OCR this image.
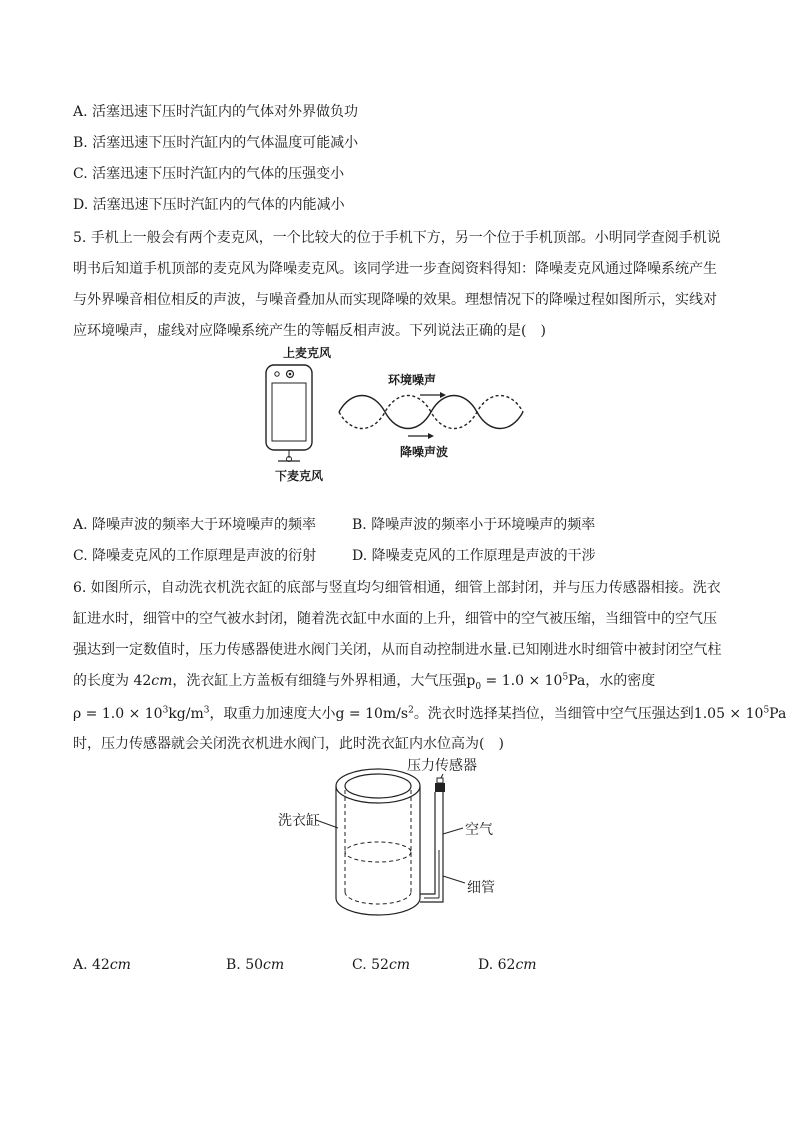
A. 活塞迅速下压时汽缸内的气体对外界做负功
B. 活塞迅速下压时汽缸内的气体温度可能减小
C. 活塞迅速下压时汽缸内的气体的压强变小
D. 活塞迅速下压时汽缸内的气体的内能减小
5. 手机上一般会有两个麦克风，一个比较大的位于手机下方，另一个位于手机顶部。小明同学查阅手机说
明书后知道手机顶部的麦克风为降噪麦克风。该同学进一步查阅资料得知：降噪麦克风通过降噪系统产生
与外界噪音相位相反的声波，与噪音叠加从而实现降噪的效果。理想情况下的降噪过程如图所示，实线对
应环境噪声，虚线对应降噪系统产生的等幅反相声波。下列说法正确的是(　)
上麦克风
下麦克风
环境噪声
降噪声波
A. 降噪声波的频率大于环境噪声的频率	B. 降噪声波的频率小于环境噪声的频率
C. 降噪麦克风的工作原理是声波的衍射	D. 降噪麦克风的工作原理是声波的干涉
6. 如图所示，自动洗衣机洗衣缸的底部与竖直均匀细管相通，细管上部封闭，并与压力传感器相接。洗衣
缸进水时，细管中的空气被水封闭，随着洗衣缸中水面的上升，细管中的空气被压缩，当细管中的空气压
强达到一定数值时，压力传感器使进水阀门关闭，从而自动控制进水量.已知刚进水时细管中被封闭空气柱
的长度为 42cm，洗衣缸上方盖板有细缝与外界相通，大气压强$p_0 = 1.0 \times 10^5Pa$，水的密度
$\rho = 1.0 \times 10^3kg/m^3$，取重力加速度大小$g = 10m/s^2$。洗衣时选择某挡位，当细管中空气压强达到$1.05 \times 10^5Pa$
时，压力传感器就会关闭洗衣机进水阀门，此时洗衣缸内水位高为(　)
压力传感器
洗衣缸
空气
细管
A. 42cm	B. 50cm	C. 52cm	D. 62cm
